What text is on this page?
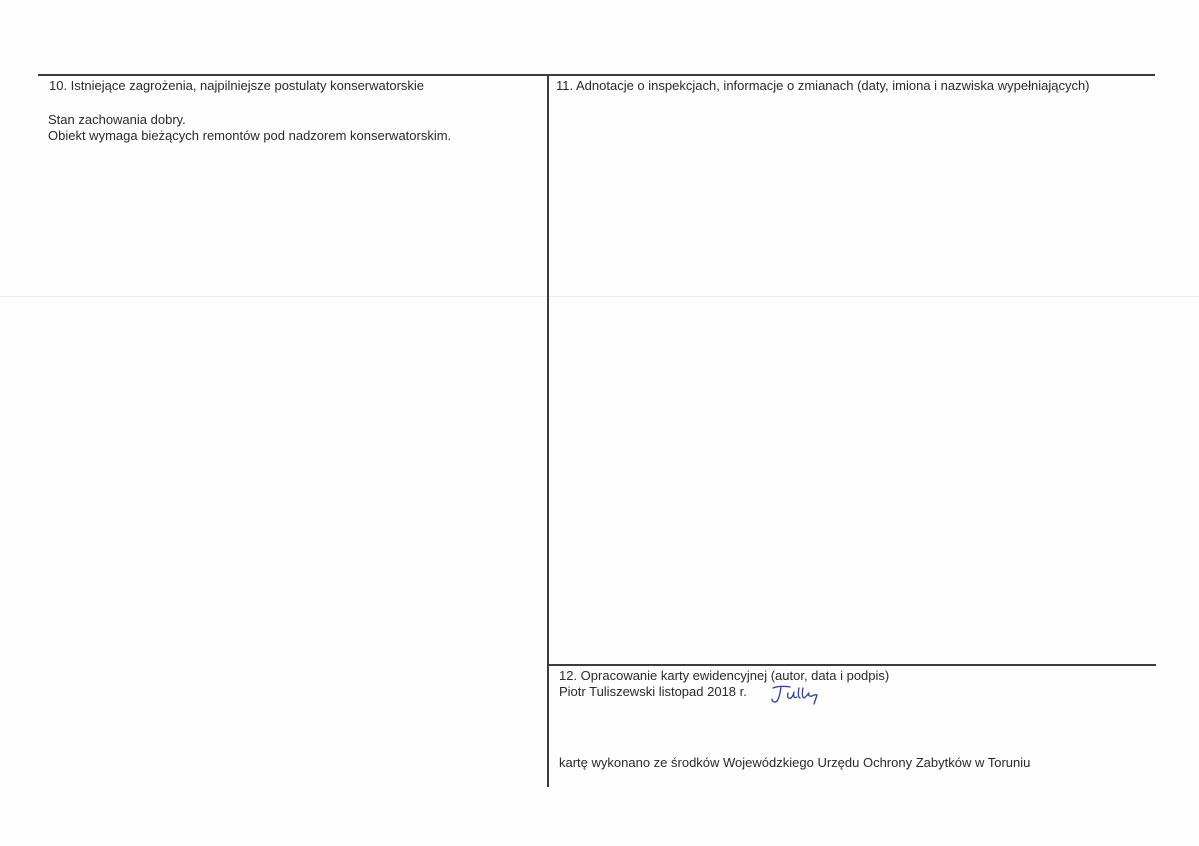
10. Istniejące zagrożenia, najpilniejsze postulaty konserwatorskie
Stan zachowania dobry.
Obiekt wymaga bieżących remontów pod nadzorem konserwatorskim.
11. Adnotacje o inspekcjach, informacje o zmianach (daty, imiona i nazwiska wypełniających)
12. Opracowanie karty ewidencyjnej (autor, data i podpis)
Piotr Tuliszewski listopad 2018 r.
kartę wykonano ze środków Wojewódzkiego Urzędu Ochrony Zabytków w Toruniu
